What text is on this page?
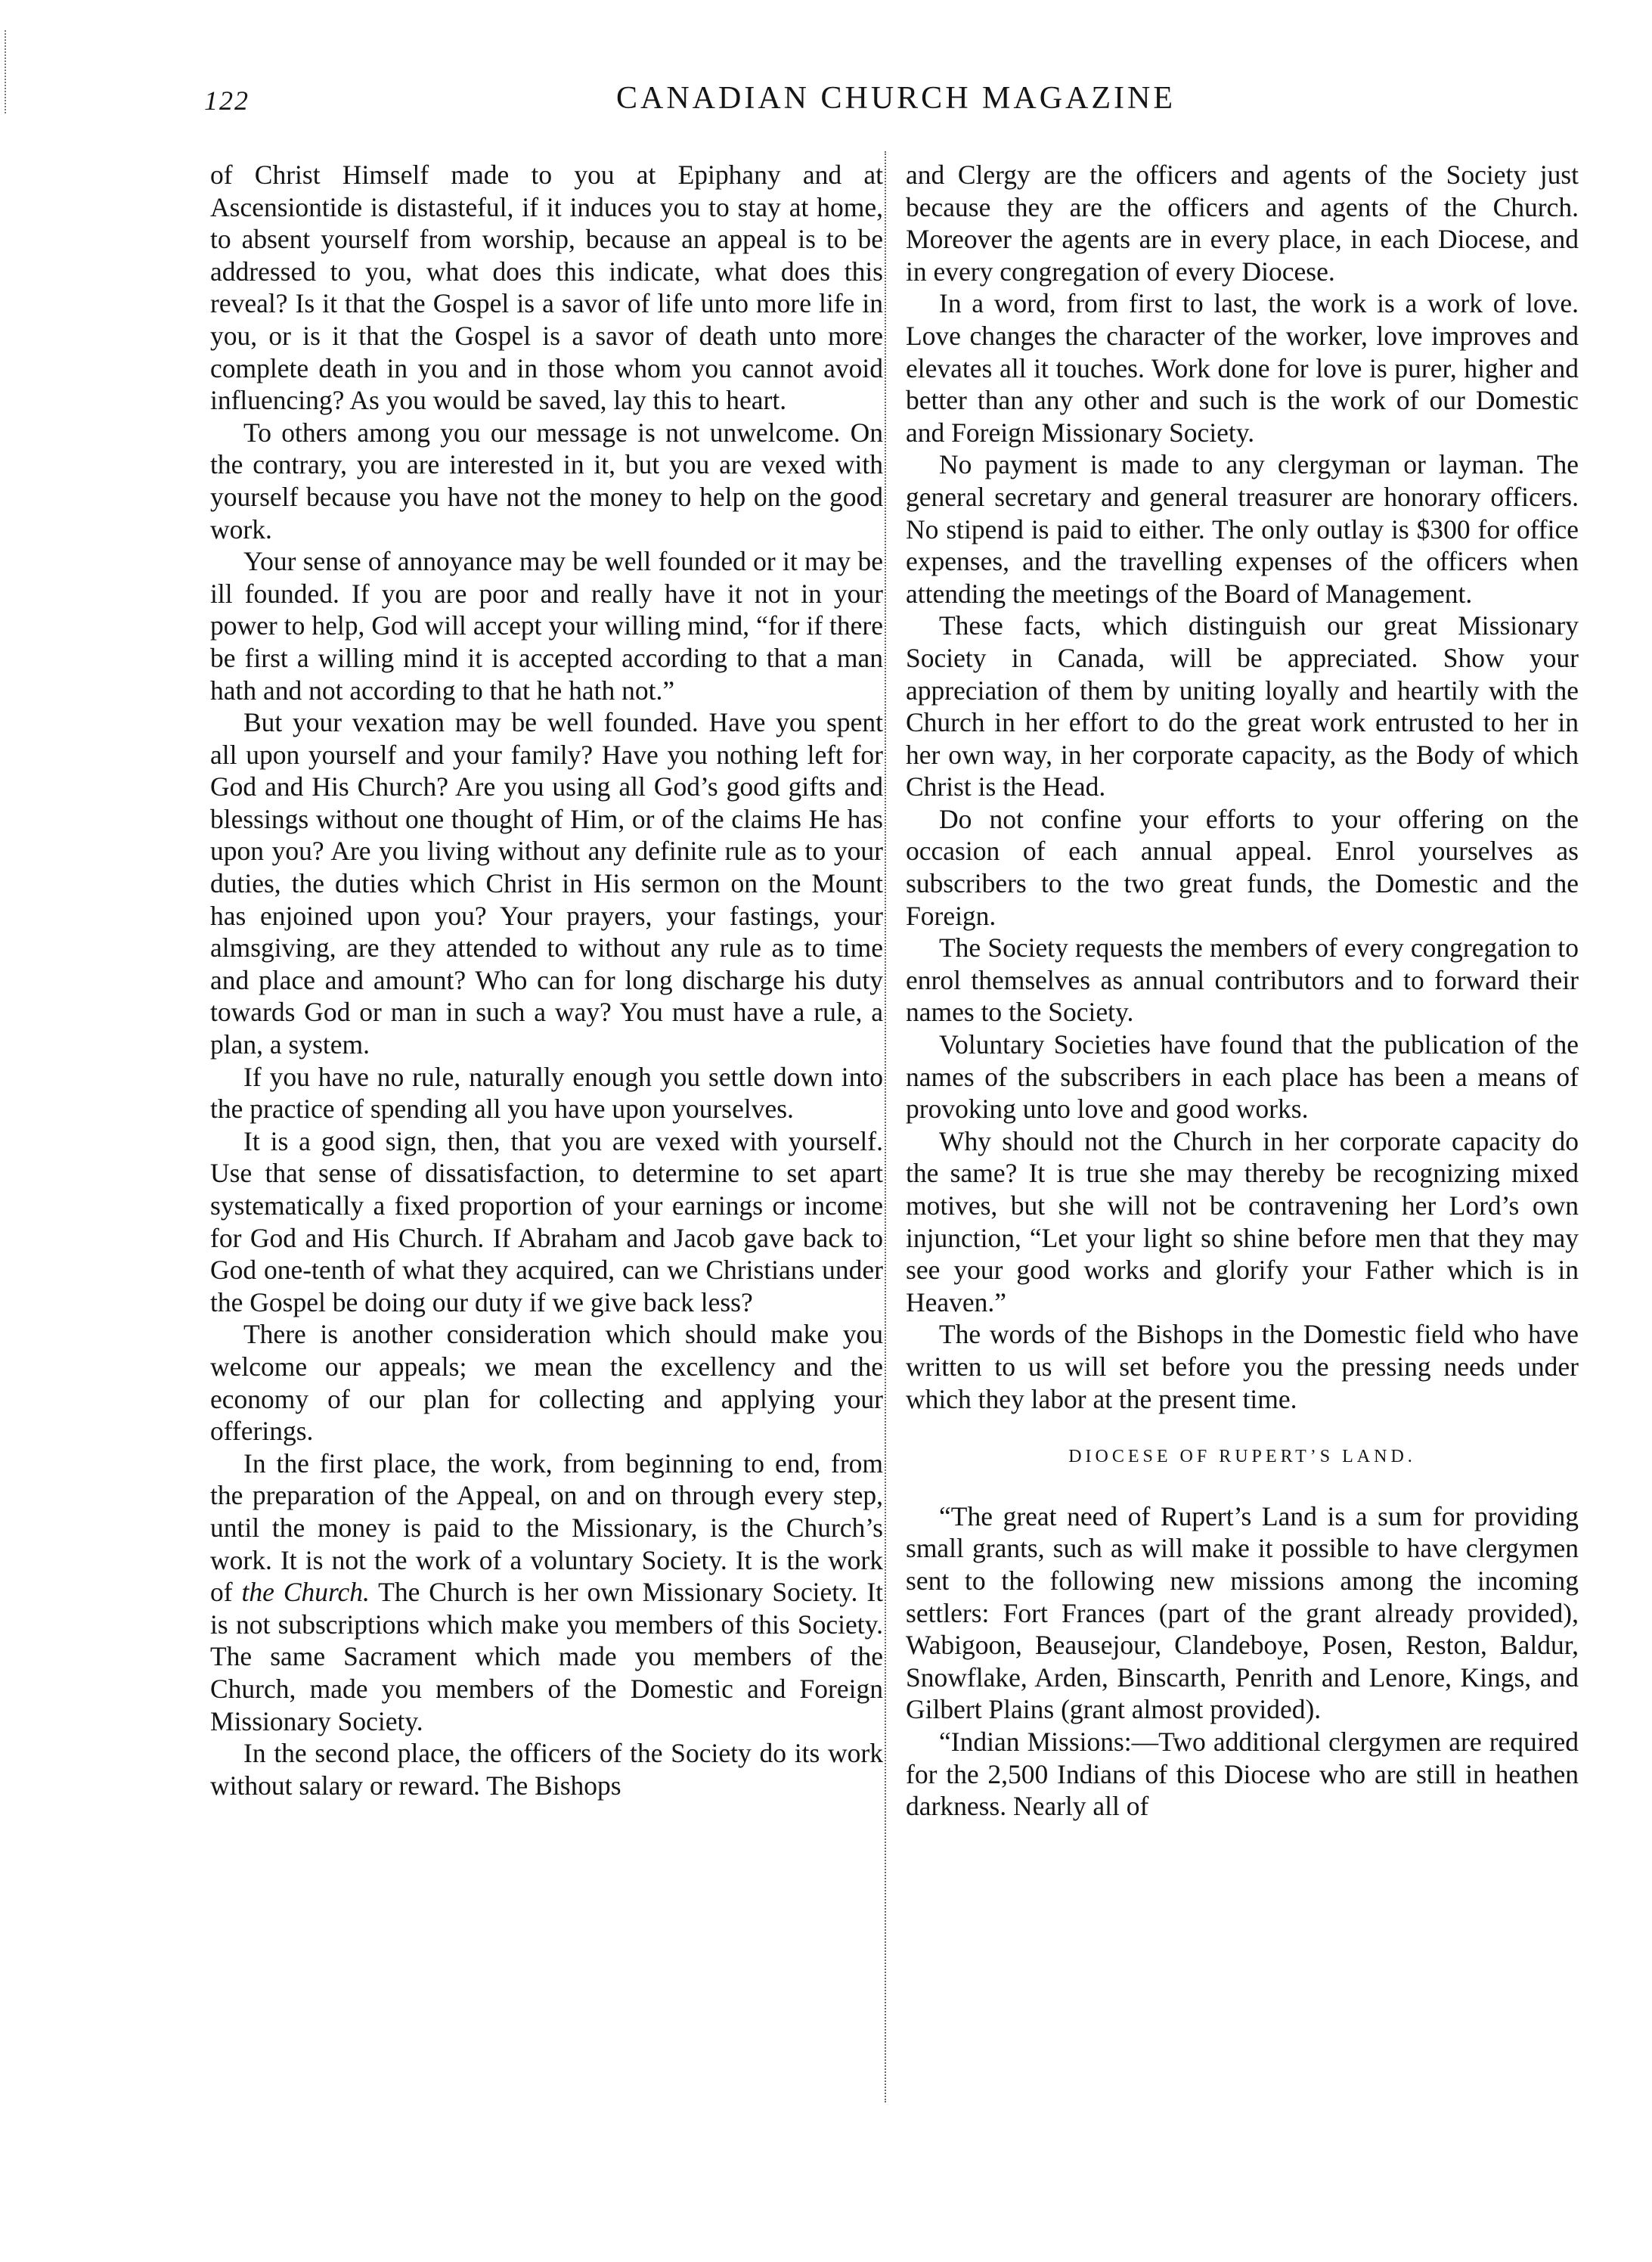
122	CANADIAN CHURCH MAGAZINE

of Christ Himself made to you at Epiphany and at Ascensiontide is distasteful, if it induces you to stay at home, to absent yourself from worship, because an appeal is to be addressed to you, what does this indicate, what does this reveal? Is it that the Gospel is a savor of life unto more life in you, or is it that the Gospel is a savor of death unto more complete death in you and in those whom you cannot avoid influencing? As you would be saved, lay this to heart.

To others among you our message is not unwelcome. On the contrary, you are interested in it, but you are vexed with yourself because you have not the money to help on the good work.

Your sense of annoyance may be well founded or it may be ill founded. If you are poor and really have it not in your power to help, God will accept your willing mind, “for if there be first a willing mind it is accepted according to that a man hath and not according to that he hath not.”

But your vexation may be well founded. Have you spent all upon yourself and your family? Have you nothing left for God and His Church? Are you using all God’s good gifts and blessings without one thought of Him, or of the claims He has upon you? Are you living without any definite rule as to your duties, the duties which Christ in His sermon on the Mount has enjoined upon you? Your prayers, your fastings, your almsgiving, are they attended to without any rule as to time and place and amount? Who can for long discharge his duty towards God or man in such a way? You must have a rule, a plan, a system.

If you have no rule, naturally enough you settle down into the practice of spending all you have upon yourselves.

It is a good sign, then, that you are vexed with yourself. Use that sense of dissatisfaction, to determine to set apart systematically a fixed proportion of your earnings or income for God and His Church. If Abraham and Jacob gave back to God one-tenth of what they acquired, can we Christians under the Gospel be doing our duty if we give back less?

There is another consideration which should make you welcome our appeals; we mean the excellency and the economy of our plan for collecting and applying your offerings.

In the first place, the work, from beginning to end, from the preparation of the Appeal, on and on through every step, until the money is paid to the Missionary, is the Church’s work. It is not the work of a voluntary Society. It is the work of the Church. The Church is her own Missionary Society. It is not subscriptions which make you members of this Society. The same Sacrament which made you members of the Church, made you members of the Domestic and Foreign Missionary Society.

In the second place, the officers of the Society do its work without salary or reward. The Bishops

and Clergy are the officers and agents of the Society just because they are the officers and agents of the Church. Moreover the agents are in every place, in each Diocese, and in every congregation of every Diocese.

In a word, from first to last, the work is a work of love. Love changes the character of the worker, love improves and elevates all it touches. Work done for love is purer, higher and better than any other and such is the work of our Domestic and Foreign Missionary Society.

No payment is made to any clergyman or layman. The general secretary and general treasurer are honorary officers. No stipend is paid to either. The only outlay is $300 for office expenses, and the travelling expenses of the officers when attending the meetings of the Board of Management.

These facts, which distinguish our great Missionary Society in Canada, will be appreciated. Show your appreciation of them by uniting loyally and heartily with the Church in her effort to do the great work entrusted to her in her own way, in her corporate capacity, as the Body of which Christ is the Head.

Do not confine your efforts to your offering on the occasion of each annual appeal. Enrol yourselves as subscribers to the two great funds, the Domestic and the Foreign.

The Society requests the members of every congregation to enrol themselves as annual contributors and to forward their names to the Society.

Voluntary Societies have found that the publication of the names of the subscribers in each place has been a means of provoking unto love and good works.

Why should not the Church in her corporate capacity do the same? It is true she may thereby be recognizing mixed motives, but she will not be contravening her Lord’s own injunction, “Let your light so shine before men that they may see your good works and glorify your Father which is in Heaven.”

The words of the Bishops in the Domestic field who have written to us will set before you the pressing needs under which they labor at the present time.

DIOCESE OF RUPERT’S LAND.

“The great need of Rupert’s Land is a sum for providing small grants, such as will make it possible to have clergymen sent to the following new missions among the incoming settlers: Fort Frances (part of the grant already provided), Wabigoon, Beausejour, Clandeboye, Posen, Reston, Baldur, Snowflake, Arden, Binscarth, Penrith and Lenore, Kings, and Gilbert Plains (grant almost provided).

“Indian Missions:—Two additional clergymen are required for the 2,500 Indians of this Diocese who are still in heathen darkness. Nearly all of
